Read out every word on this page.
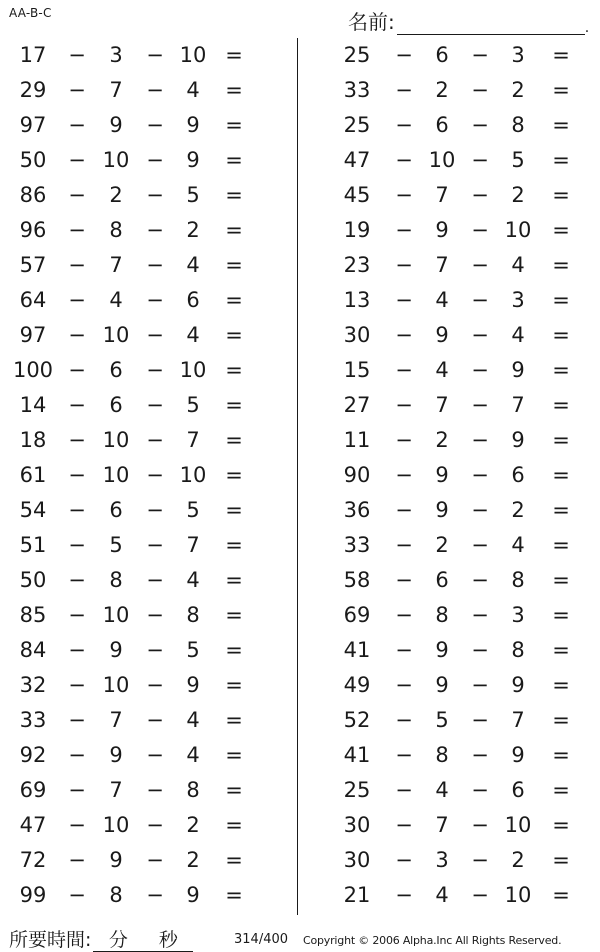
AA-B-C	名前:	.
17	−	3	− 10 =
29	−	7	−	4	=
97	−	9	−	9	=
50	− 10 −	9	=
86	−	2	−	5	=
96	−	8	−	2	=
57	−	7	−	4	=
64	−	4	−	6	=
97	− 10 −	4	=
100 −	6	− 10 =
14	−	6	−	5	=
18	− 10 −	7	=
61	− 10 − 10 =
54	−	6	−	5	=
51	−	5	−	7	=
50	−	8	−	4	=
85	− 10 −	8	=
84	−	9	−	5	=
32	− 10 −	9	=
33	−	7	−	4	=
92	−	9	−	4	=
69	−	7	−	8	=
47	− 10 −	2	=
72	−	9	−	2	=
99	−	8	−	9	=
25	−	6	−	3	=
33	−	2	−	2	=
25	−	6	−	8	=
47	− 10 −	5	=
45	−	7	−	2	=
19	−	9	− 10 =
23	−	7	−	4	=
13	−	4	−	3	=
30	−	9	−	4	=
15	−	4	−	9	=
27	−	7	−	7	=
11	−	2	−	9	=
90	−	9	−	6	=
36	−	9	−	2	=
33	−	2	−	4	=
58	−	6	−	8	=
69	−	8	−	3	=
41	−	9	−	8	=
49	−	9	−	9	=
52	−	5	−	7	=
41	−	8	−	9	=
25	−	4	−	6	=
30	−	7	− 10 =
30	−	3	−	2	=
21	−	4	− 10 =
所要時間: 分 秒	314/400 Copyright © 2006 Alpha.Inc All Rights Reserved.
